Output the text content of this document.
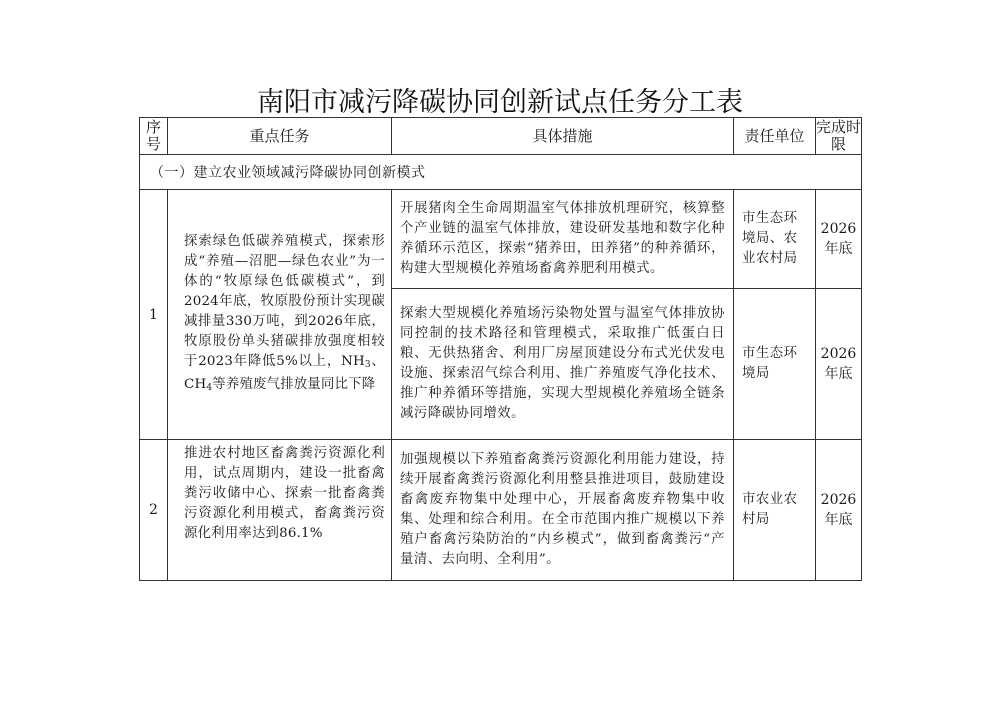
南阳市减污降碳协同创新试点任务分工表
序号	重点任务	具体措施	责任单位	完成时限
（一）建立农业领域减污降碳协同创新模式				
1	探索绿色低碳养殖模式，探索形成“养殖—沼肥—绿色农业”为一体的“牧原绿色低碳模式”，到2024年底，牧原股份预计实现碳减排量330万吨，到2026年底，牧原股份单头猪碳排放强度相较于2023年降低5%以上，$NH_3$、$CH_4$等养殖废气排放量同比下降	开展猪肉全生命周期温室气体排放机理研究，核算整个产业链的温室气体排放，建设研发基地和数字化种养循环示范区，探索“猪养田，田养猪”的种养循环，构建大型规模化养殖场畜禽养肥利用模式。	市生态环境局、农业农村局	2026年底
		探索大型规模化养殖场污染物处置与温室气体排放协同控制的技术路径和管理模式，采取推广低蛋白日粮、无供热猪舍、利用厂房屋顶建设分布式光伏发电设施、探索沼气综合利用、推广养殖废气净化技术、推广种养循环等措施，实现大型规模化养殖场全链条减污降碳协同增效。	市生态环境局	2026年底
2	推进农村地区畜禽粪污资源化利用，试点周期内，建设一批畜禽粪污收储中心、探索一批畜禽粪污资源化利用模式，畜禽粪污资源化利用率达到86.1%	加强规模以下养殖畜禽粪污资源化利用能力建设，持续开展畜禽粪污资源化利用整县推进项目，鼓励建设畜禽废弃物集中处理中心，开展畜禽废弃物集中收集、处理和综合利用。在全市范围内推广规模以下养殖户畜禽污染防治的“内乡模式”，做到畜禽粪污“产量清、去向明、全利用”。	市农业农村局	2026年底
